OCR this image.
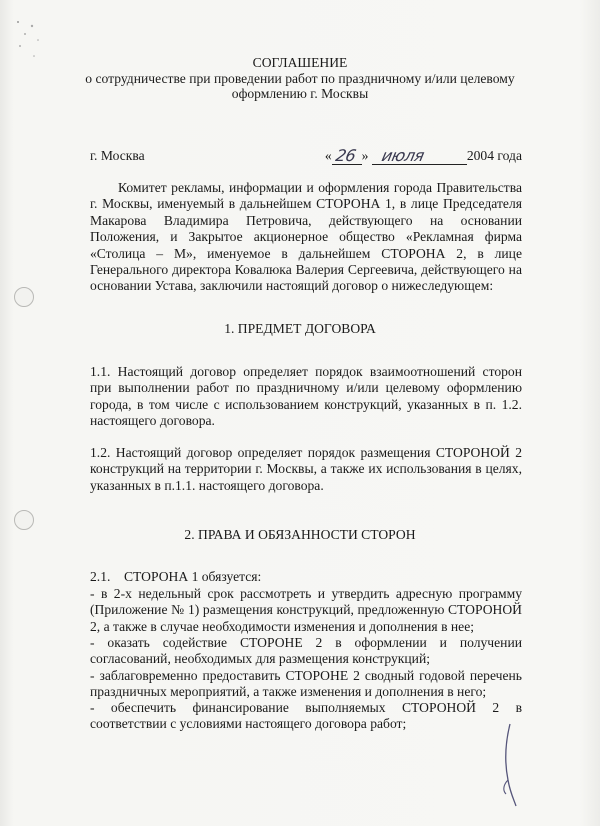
СОГЛАШЕНИЕ
о сотрудничестве при проведении работ по праздничному и/или целевому
оформлению г. Москвы
г. Москва	« 26 » июля	2004 года
Комитет рекламы, информации и оформления города Правительства г. Москвы, именуемый в дальнейшем СТОРОНА 1, в лице Председателя Макарова Владимира Петровича, действующего на основании Положения, и Закрытое акционерное общество «Рекламная фирма «Столица – М», именуемое в дальнейшем СТОРОНА 2, в лице Генерального директора Ковалюка Валерия Сергеевича, действующего на основании Устава, заключили настоящий договор о нижеследующем:
1. ПРЕДМЕТ ДОГОВОРА
1.1. Настоящий договор определяет порядок взаимоотношений сторон при выполнении работ по праздничному и/или целевому оформлению города, в том числе с использованием конструкций, указанных в п. 1.2. настоящего договора.
1.2. Настоящий договор определяет порядок размещения СТОРОНОЙ 2 конструкций на территории г. Москвы, а также их использования в целях, указанных в п.1.1. настоящего договора.
2. ПРАВА И ОБЯЗАННОСТИ СТОРОН
2.1. СТОРОНА 1 обязуется:
- в 2-х недельный срок рассмотреть и утвердить адресную программу (Приложение № 1) размещения конструкций, предложенную СТОРОНОЙ 2, а также в случае необходимости изменения и дополнения в нее;
- оказать содействие СТОРОНЕ 2 в оформлении и получении согласований, необходимых для размещения конструкций;
- заблаговременно предоставить СТОРОНЕ 2 сводный годовой перечень праздничных мероприятий, а также изменения и дополнения в него;
- обеспечить финансирование выполняемых СТОРОНОЙ 2 в соответствии с условиями настоящего договора работ;
